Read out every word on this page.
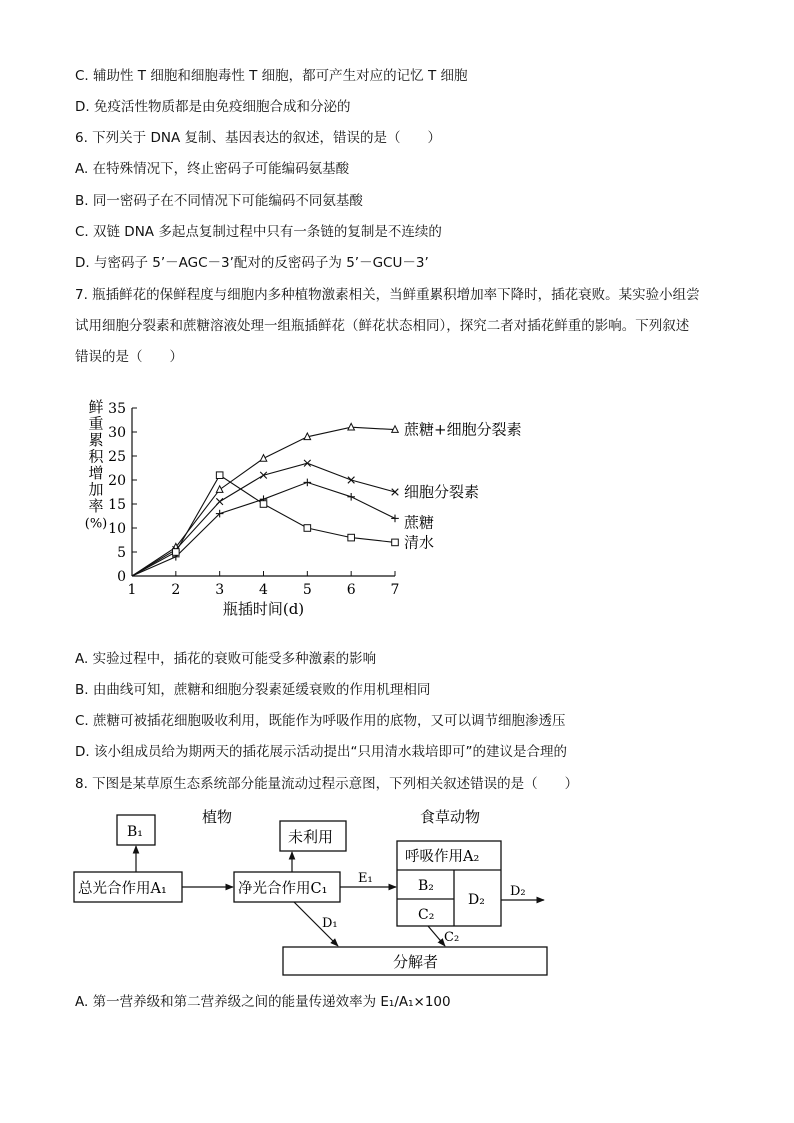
C. 辅助性 T 细胞和细胞毒性 T 细胞，都可产生对应的记忆 T 细胞
D. 免疫活性物质都是由免疫细胞合成和分泌的
6. 下列关于 DNA 复制、基因表达的叙述，错误的是（　　）
A. 在特殊情况下，终止密码子可能编码氨基酸
B. 同一密码子在不同情况下可能编码不同氨基酸
C. 双链 DNA 多起点复制过程中只有一条链的复制是不连续的
D. 与密码子 5’－AGC－3’配对的反密码子为 5’－GCU－3’
7. 瓶插鲜花的保鲜程度与细胞内多种植物激素相关，当鲜重累积增加率下降时，插花衰败。某实验小组尝
试用细胞分裂素和蔗糖溶液处理一组瓶插鲜花（鲜花状态相同），探究二者对插花鲜重的影响。下列叙述
错误的是（　　）
0
5
10
15
20
25
30
35
1 2 3 4 5 6 7
瓶插时间(d)
鲜
重
累
积
增
加
率
(%)
蔗糖+细胞分裂素
细胞分裂素
蔗糖
清水
A. 实验过程中，插花的衰败可能受多种激素的影响
B. 由曲线可知，蔗糖和细胞分裂素延缓衰败的作用机理相同
C. 蔗糖可被插花细胞吸收利用，既能作为呼吸作用的底物，又可以调节细胞渗透压
D. 该小组成员给为期两天的插花展示活动提出“只用清水栽培即可”的建议是合理的
8. 下图是某草原生态系统部分能量流动过程示意图，下列相关叙述错误的是（　　）
植物	食草动物
B₁	未利用
总光合作用A₁	净光合作用C₁
呼吸作用A₂
B₂
C₂
D₂
分解者
E₁
D₁
C₂
D₂
A. 第一营养级和第二营养级之间的能量传递效率为 E₁/A₁×100
